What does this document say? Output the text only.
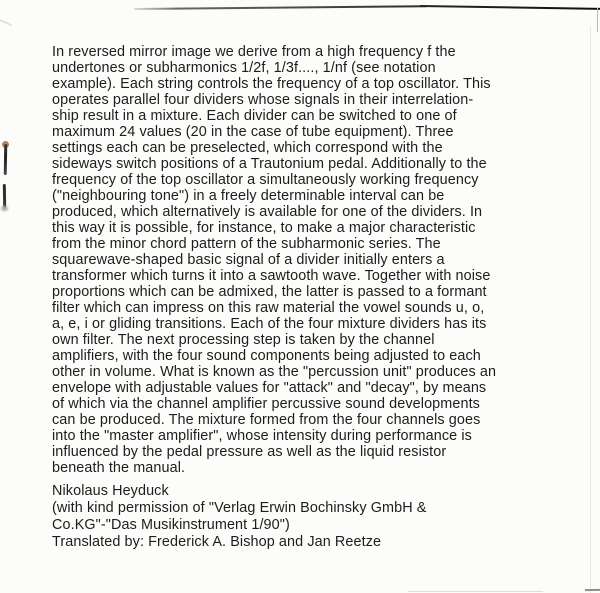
In reversed mirror image we derive from a high frequency f the
undertones or subharmonics 1/2f, 1/3f...., 1/nf (see notation
example). Each string controls the frequency of a top oscillator. This
operates parallel four dividers whose signals in their interrelation-
ship result in a mixture. Each divider can be switched to one of
maximum 24 values (20 in the case of tube equipment). Three
settings each can be preselected, which correspond with the
sideways switch positions of a Trautonium pedal. Additionally to the
frequency of the top oscillator a simultaneously working frequency
("neighbouring tone") in a freely determinable interval can be
produced, which alternatively is available for one of the dividers. In
this way it is possible, for instance, to make a major characteristic
from the minor chord pattern of the subharmonic series. The
squarewave-shaped basic signal of a divider initially enters a
transformer which turns it into a sawtooth wave. Together with noise
proportions which can be admixed, the latter is passed to a formant
filter which can impress on this raw material the vowel sounds u, o,
a, e, i or gliding transitions. Each of the four mixture dividers has its
own filter. The next processing step is taken by the channel
amplifiers, with the four sound components being adjusted to each
other in volume. What is known as the "percussion unit" produces an
envelope with adjustable values for "attack" and "decay", by means
of which via the channel amplifier percussive sound developments
can be produced. The mixture formed from the four channels goes
into the "master amplifier", whose intensity during performance is
influenced by the pedal pressure as well as the liquid resistor
beneath the manual.
Nikolaus Heyduck
(with kind permission of "Verlag Erwin Bochinsky GmbH &
Co.KG"-"Das Musikinstrument 1/90")
Translated by: Frederick A. Bishop and Jan Reetze
